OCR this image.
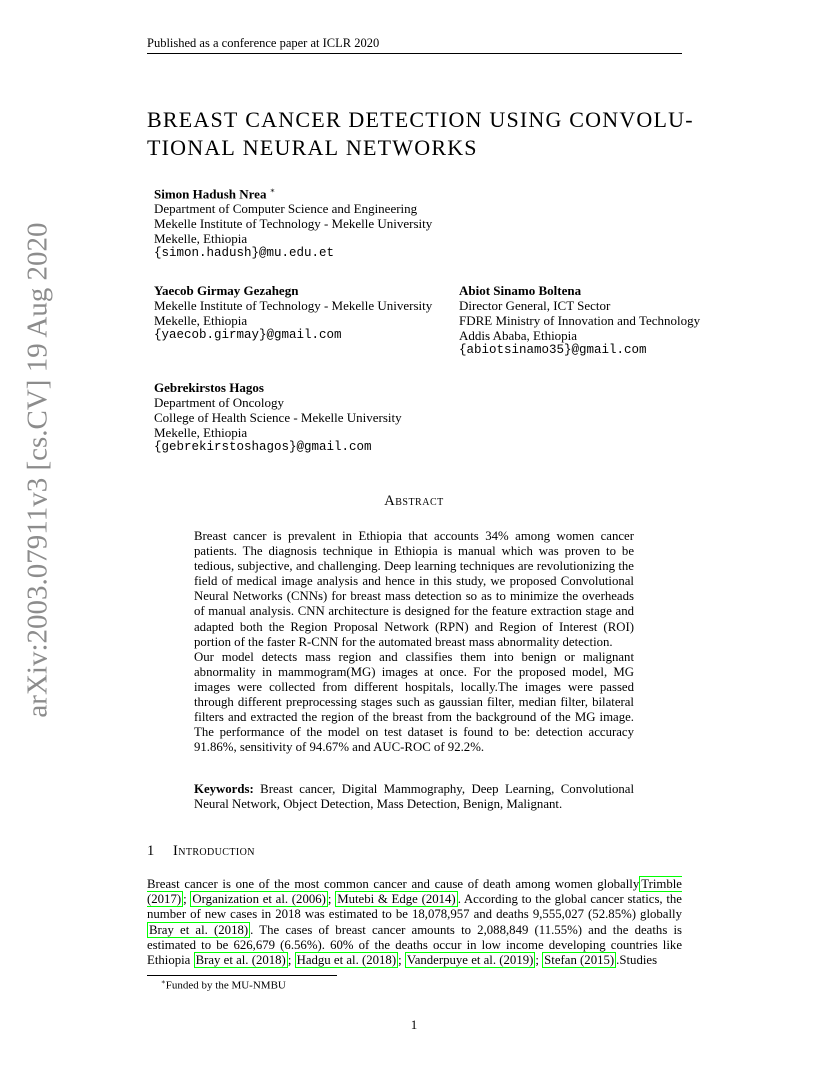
Published as a conference paper at ICLR 2020
arXiv:2003.07911v3 [cs.CV] 19 Aug 2020
BREAST CANCER DETECTION USING CONVOLU-
TIONAL NEURAL NETWORKS
Simon Hadush Nrea ∗
Department of Computer Science and Engineering
Mekelle Institute of Technology - Mekelle University
Mekelle, Ethiopia
{simon.hadush}@mu.edu.et
Yaecob Girmay Gezahegn
Mekelle Institute of Technology - Mekelle University
Mekelle, Ethiopia
{yaecob.girmay}@gmail.com
Abiot Sinamo Boltena
Director General, ICT Sector
FDRE Ministry of Innovation and Technology
Addis Ababa, Ethiopia
{abiotsinamo35}@gmail.com
Gebrekirstos Hagos
Department of Oncology
College of Health Science - Mekelle University
Mekelle, Ethiopia
{gebrekirstoshagos}@gmail.com
Abstract

Breast cancer is prevalent in Ethiopia that accounts 34% among women cancer patients. The diagnosis technique in Ethiopia is manual which was proven to be tedious, subjective, and challenging. Deep learning techniques are revolutionizing the field of medical image analysis and hence in this study, we proposed Convolutional Neural Networks (CNNs) for breast mass detection so as to minimize the overheads of manual analysis. CNN architecture is designed for the feature extraction stage and adapted both the Region Proposal Network (RPN) and Region of Interest (ROI) portion of the faster R-CNN for the automated breast mass abnormality detection.

Our model detects mass region and classifies them into benign or malignant abnormality in mammogram(MG) images at once. For the proposed model, MG images were collected from different hospitals, locally.The images were passed through different preprocessing stages such as gaussian filter, median filter, bilateral filters and extracted the region of the breast from the background of the MG image. The performance of the model on test dataset is found to be: detection accuracy 91.86%, sensitivity of 94.67% and AUC-ROC of 92.2%.

Keywords: Breast cancer, Digital Mammography, Deep Learning, Convolutional Neural Network, Object Detection, Mass Detection, Benign, Malignant.
1 Introduction
Breast cancer is one of the most common cancer and cause of death among women globally Trimble (2017) ; Organization et al. (2006) ; Mutebi & Edge (2014) . According to the global cancer statics, the number of new cases in 2018 was estimated to be 18,078,957 and deaths 9,555,027 (52.85%) globally Bray et al. (2018) . The cases of breast cancer amounts to 2,088,849 (11.55%) and the deaths is estimated to be 626,679 (6.56%). 60% of the deaths occur in low income developing countries like Ethiopia Bray et al. (2018) ; Hadgu et al. (2018) ; Vanderpuye et al. (2019) ; Stefan (2015) .Studies
∗Funded by the MU-NMBU
1
